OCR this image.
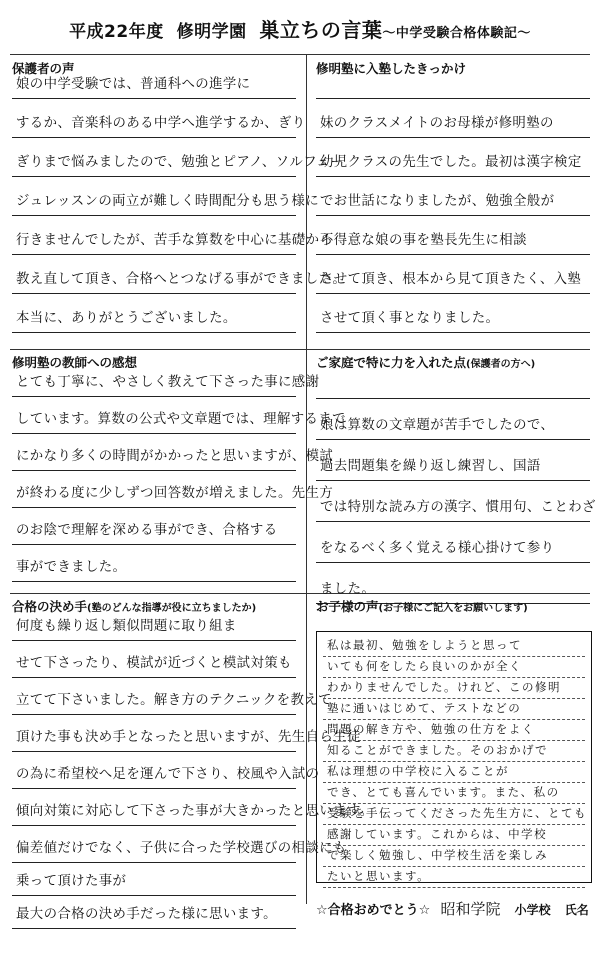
平成22年度 修明学園 巣立ちの言葉～中学受験合格体験記～
保護者の声
娘の中学受験では、普通科への進学に
するか、音楽科のある中学へ進学するか、ぎり
ぎりまで悩みましたので、勉強とピアノ、ソルフェー
ジュレッスンの両立が難しく時間配分も思う様に
行きませんでしたが、苦手な算数を中心に基礎から
教え直して頂き、合格へとつなげる事ができました。
本当に、ありがとうございました。
修明塾に入塾したきっかけ
妹のクラスメイトのお母様が修明塾の
幼児クラスの先生でした。最初は漢字検定
でお世話になりましたが、勉強全般が
不得意な娘の事を塾長先生に相談
させて頂き、根本から見て頂きたく、入塾
させて頂く事となりました。
修明塾の教師への感想
とても丁寧に、やさしく教えて下さった事に感謝
しています。算数の公式や文章題では、理解するまで
にかなり多くの時間がかかったと思いますが、模試
が終わる度に少しずつ回答数が増えました。先生方
のお陰で理解を深める事ができ、合格する
事ができました。
ご家庭で特に力を入れた点(保護者の方へ)
娘は算数の文章題が苦手でしたので、
過去問題集を繰り返し練習し、国語
では特別な読み方の漢字、慣用句、ことわざ
をなるべく多く覚える様心掛けて参り
ました。
合格の決め手(塾のどんな指導が役に立ちましたか)
何度も繰り返し類似問題に取り組ま
せて下さったり、模試が近づくと模試対策も
立てて下さいました。解き方のテクニックを教えて
頂けた事も決め手となったと思いますが、先生自ら生徒
の為に希望校へ足を運んで下さり、校風や入試の
傾向対策に対応して下さった事が大きかったと思います。
偏差値だけでなく、子供に合った学校選びの相談にも
乗って頂けた事が
最大の合格の決め手だった様に思います。
お子様の声(お子様にご記入をお願いします)
私は最初、勉強をしようと思って
いても何をしたら良いのかが全く
わかりませんでした。けれど、この修明
塾に通いはじめて、テストなどの
問題の解き方や、勉強の仕方をよく
知ることができました。そのおかげで
私は理想の中学校に入ることが
でき、とても喜んでいます。また、私の
受験を手伝ってくださった先生方に、とても
感謝しています。これからは、中学校
で楽しく勉強し、中学校生活を楽しみ
たいと思います。
☆合格おめでとう☆ 昭和学院 小学校 氏名
